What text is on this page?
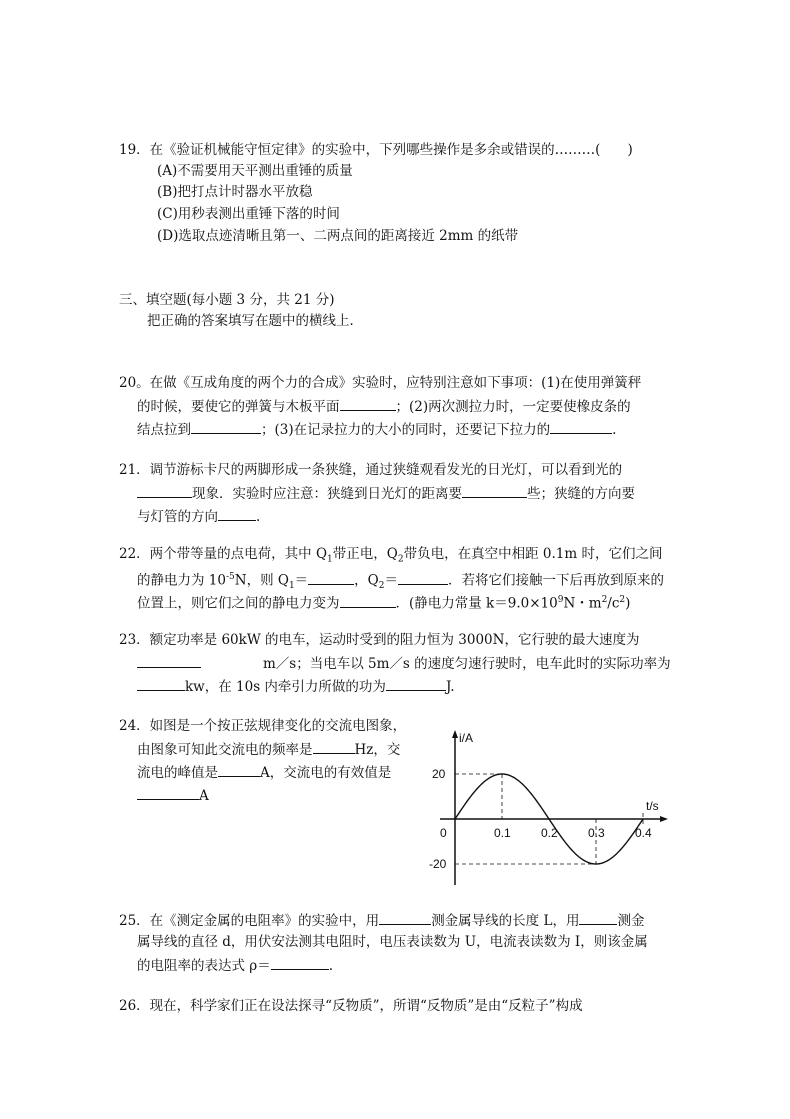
19．在《验证机械能守恒定律》的实验中，下列哪些操作是多余或错误的………(　　)
(A)不需要用天平测出重锤的质量
(B)把打点计时器水平放稳
(C)用秒表测出重锤下落的时间
(D)选取点迹清晰且第一、二两点间的距离接近 2mm 的纸带
三、填空题(每小题 3 分，共 21 分)
把正确的答案填写在题中的横线上．
20。在做《互成角度的两个力的合成》实验时，应特别注意如下事项：(1)在使用弹簧秤
的时候，要使它的弹簧与木板平面	；(2)两次测拉力时，一定要使橡皮条的
结点拉到	；(3)在记录拉力的大小的同时，还要记下拉力的	.
21．调节游标卡尺的两脚形成一条狭缝，通过狭缝观看发光的日光灯，可以看到光的
现象．实验时应注意：狭缝到日光灯的距离要	些；狭缝的方向要
与灯管的方向	.
22．两个带等量的点电荷，其中 $Q_1$带正电，$Q_2$带负电，在真空中相距 0.1m 时，它们之间
的静电力为 $10^{-5}N$，则 $Q_1=$	，$Q_2=$	．若将它们接触一下后再放到原来的
位置上，则它们之间的静电力变为	．(静电力常量 $k=9.0\times 10^9N$・$m^2/c^2$)
23．额定功率是 60kW 的电车，运动时受到的阻力恒为 3000N，它行驶的最大速度为
m／s；当电车以 5m／s 的速度匀速行驶时，电车此时的实际功率为
kw，在 10s 内牵引力所做的功为	J.
24．如图是一个按正弦规律变化的交流电图象，
由图象可知此交流电的频率是	Hz，交
流电的峰值是	A，交流电的有效值是
A
i/A
t/s
0	0.1	0.2	0.3	0.4
20
-20
25．在《测定金属的电阻率》的实验中，用	测金属导线的长度 L，用	测金
属导线的直径 d，用伏安法测其电阻时，电压表读数为 U，电流表读数为 I，则该金属
的电阻率的表达式 ρ＝	.
26．现在，科学家们正在设法探寻“反物质”，所谓“反物质”是由“反粒子”构成
